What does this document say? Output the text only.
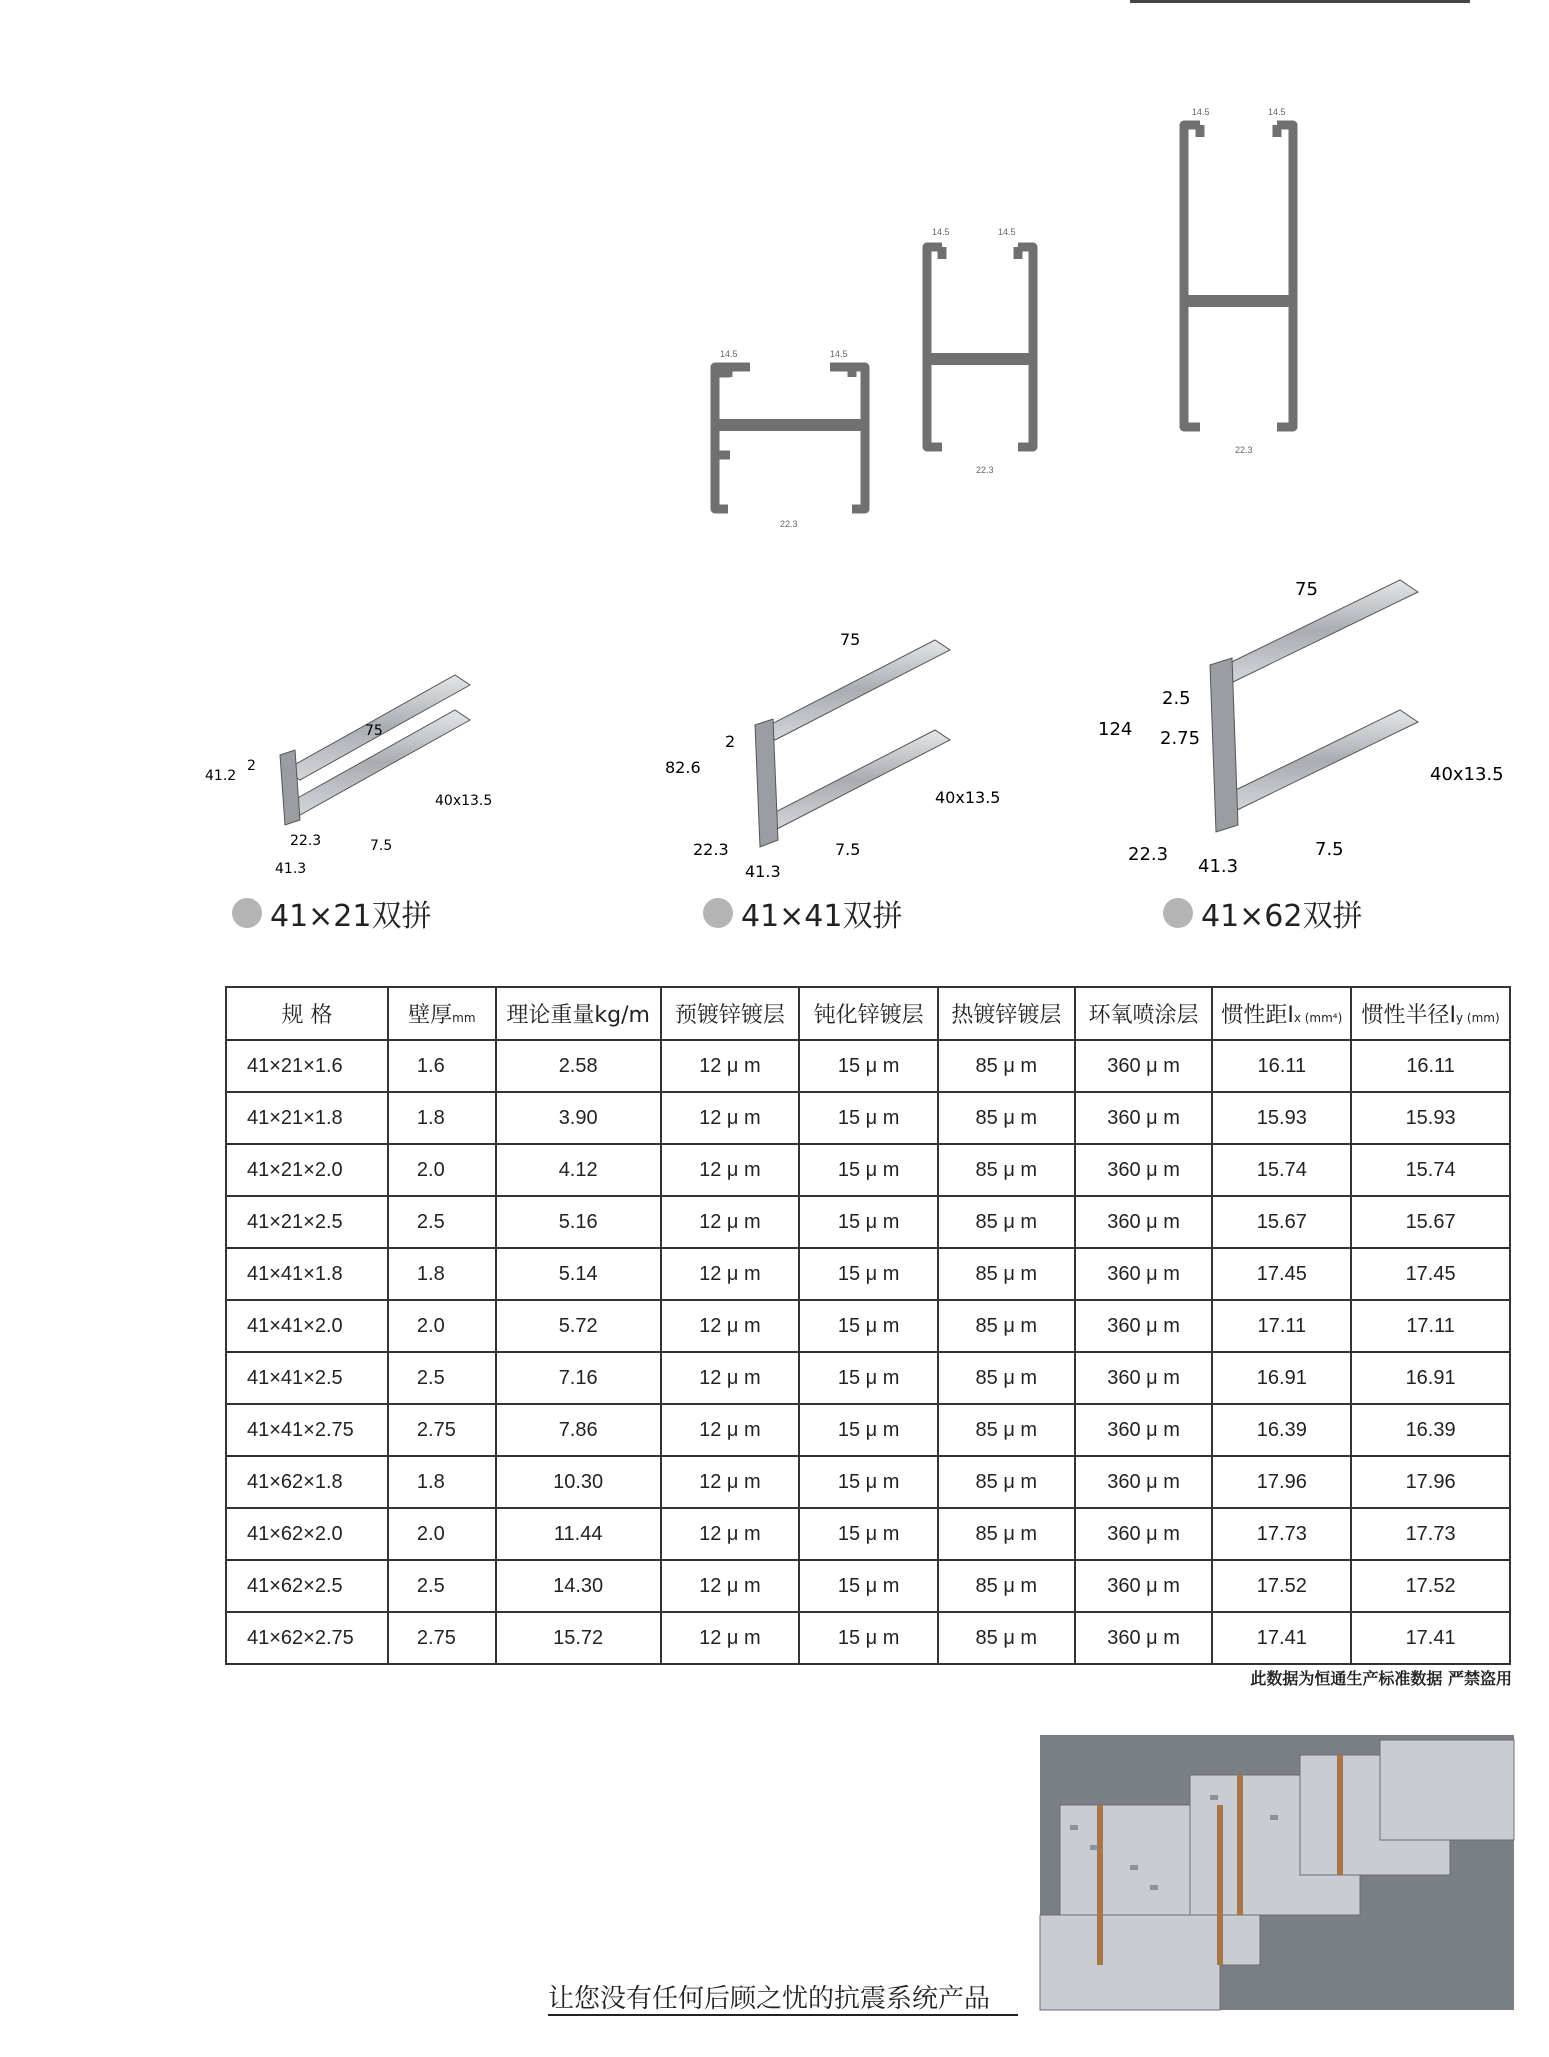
14.5	14.5
22.3
14.5	14.5
22.3
14.5	14.5
22.3
41.2
2
75
40x13.5
22.3	7.5
41.3
82.6
2
75
40x13.5
22.3	7.5
41.3
124
2.5
2.75
75
40x13.5
22.3	7.5
41.3
41×21双拼	41×41双拼	41×62双拼
规 格	壁厚mm	理论重量kg/m	预镀锌镀层	钝化锌镀层	热镀锌镀层	环氧喷涂层	惯性距Ⅰx (mm⁴)	惯性半径Ⅰy (mm)
41×21×1.6	1.6	2.58	12 μ m	15 μ m	85 μ m	360 μ m	16.11	16.11
41×21×1.8	1.8	3.90	12 μ m	15 μ m	85 μ m	360 μ m	15.93	15.93
41×21×2.0	2.0	4.12	12 μ m	15 μ m	85 μ m	360 μ m	15.74	15.74
41×21×2.5	2.5	5.16	12 μ m	15 μ m	85 μ m	360 μ m	15.67	15.67
41×41×1.8	1.8	5.14	12 μ m	15 μ m	85 μ m	360 μ m	17.45	17.45
41×41×2.0	2.0	5.72	12 μ m	15 μ m	85 μ m	360 μ m	17.11	17.11
41×41×2.5	2.5	7.16	12 μ m	15 μ m	85 μ m	360 μ m	16.91	16.91
41×41×2.75	2.75	7.86	12 μ m	15 μ m	85 μ m	360 μ m	16.39	16.39
41×62×1.8	1.8	10.30	12 μ m	15 μ m	85 μ m	360 μ m	17.96	17.96
41×62×2.0	2.0	11.44	12 μ m	15 μ m	85 μ m	360 μ m	17.73	17.73
41×62×2.5	2.5	14.30	12 μ m	15 μ m	85 μ m	360 μ m	17.52	17.52
41×62×2.75	2.75	15.72	12 μ m	15 μ m	85 μ m	360 μ m	17.41	17.41
此数据为恒通生产标准数据 严禁盗用
让您没有任何后顾之忧的抗震系统产品
